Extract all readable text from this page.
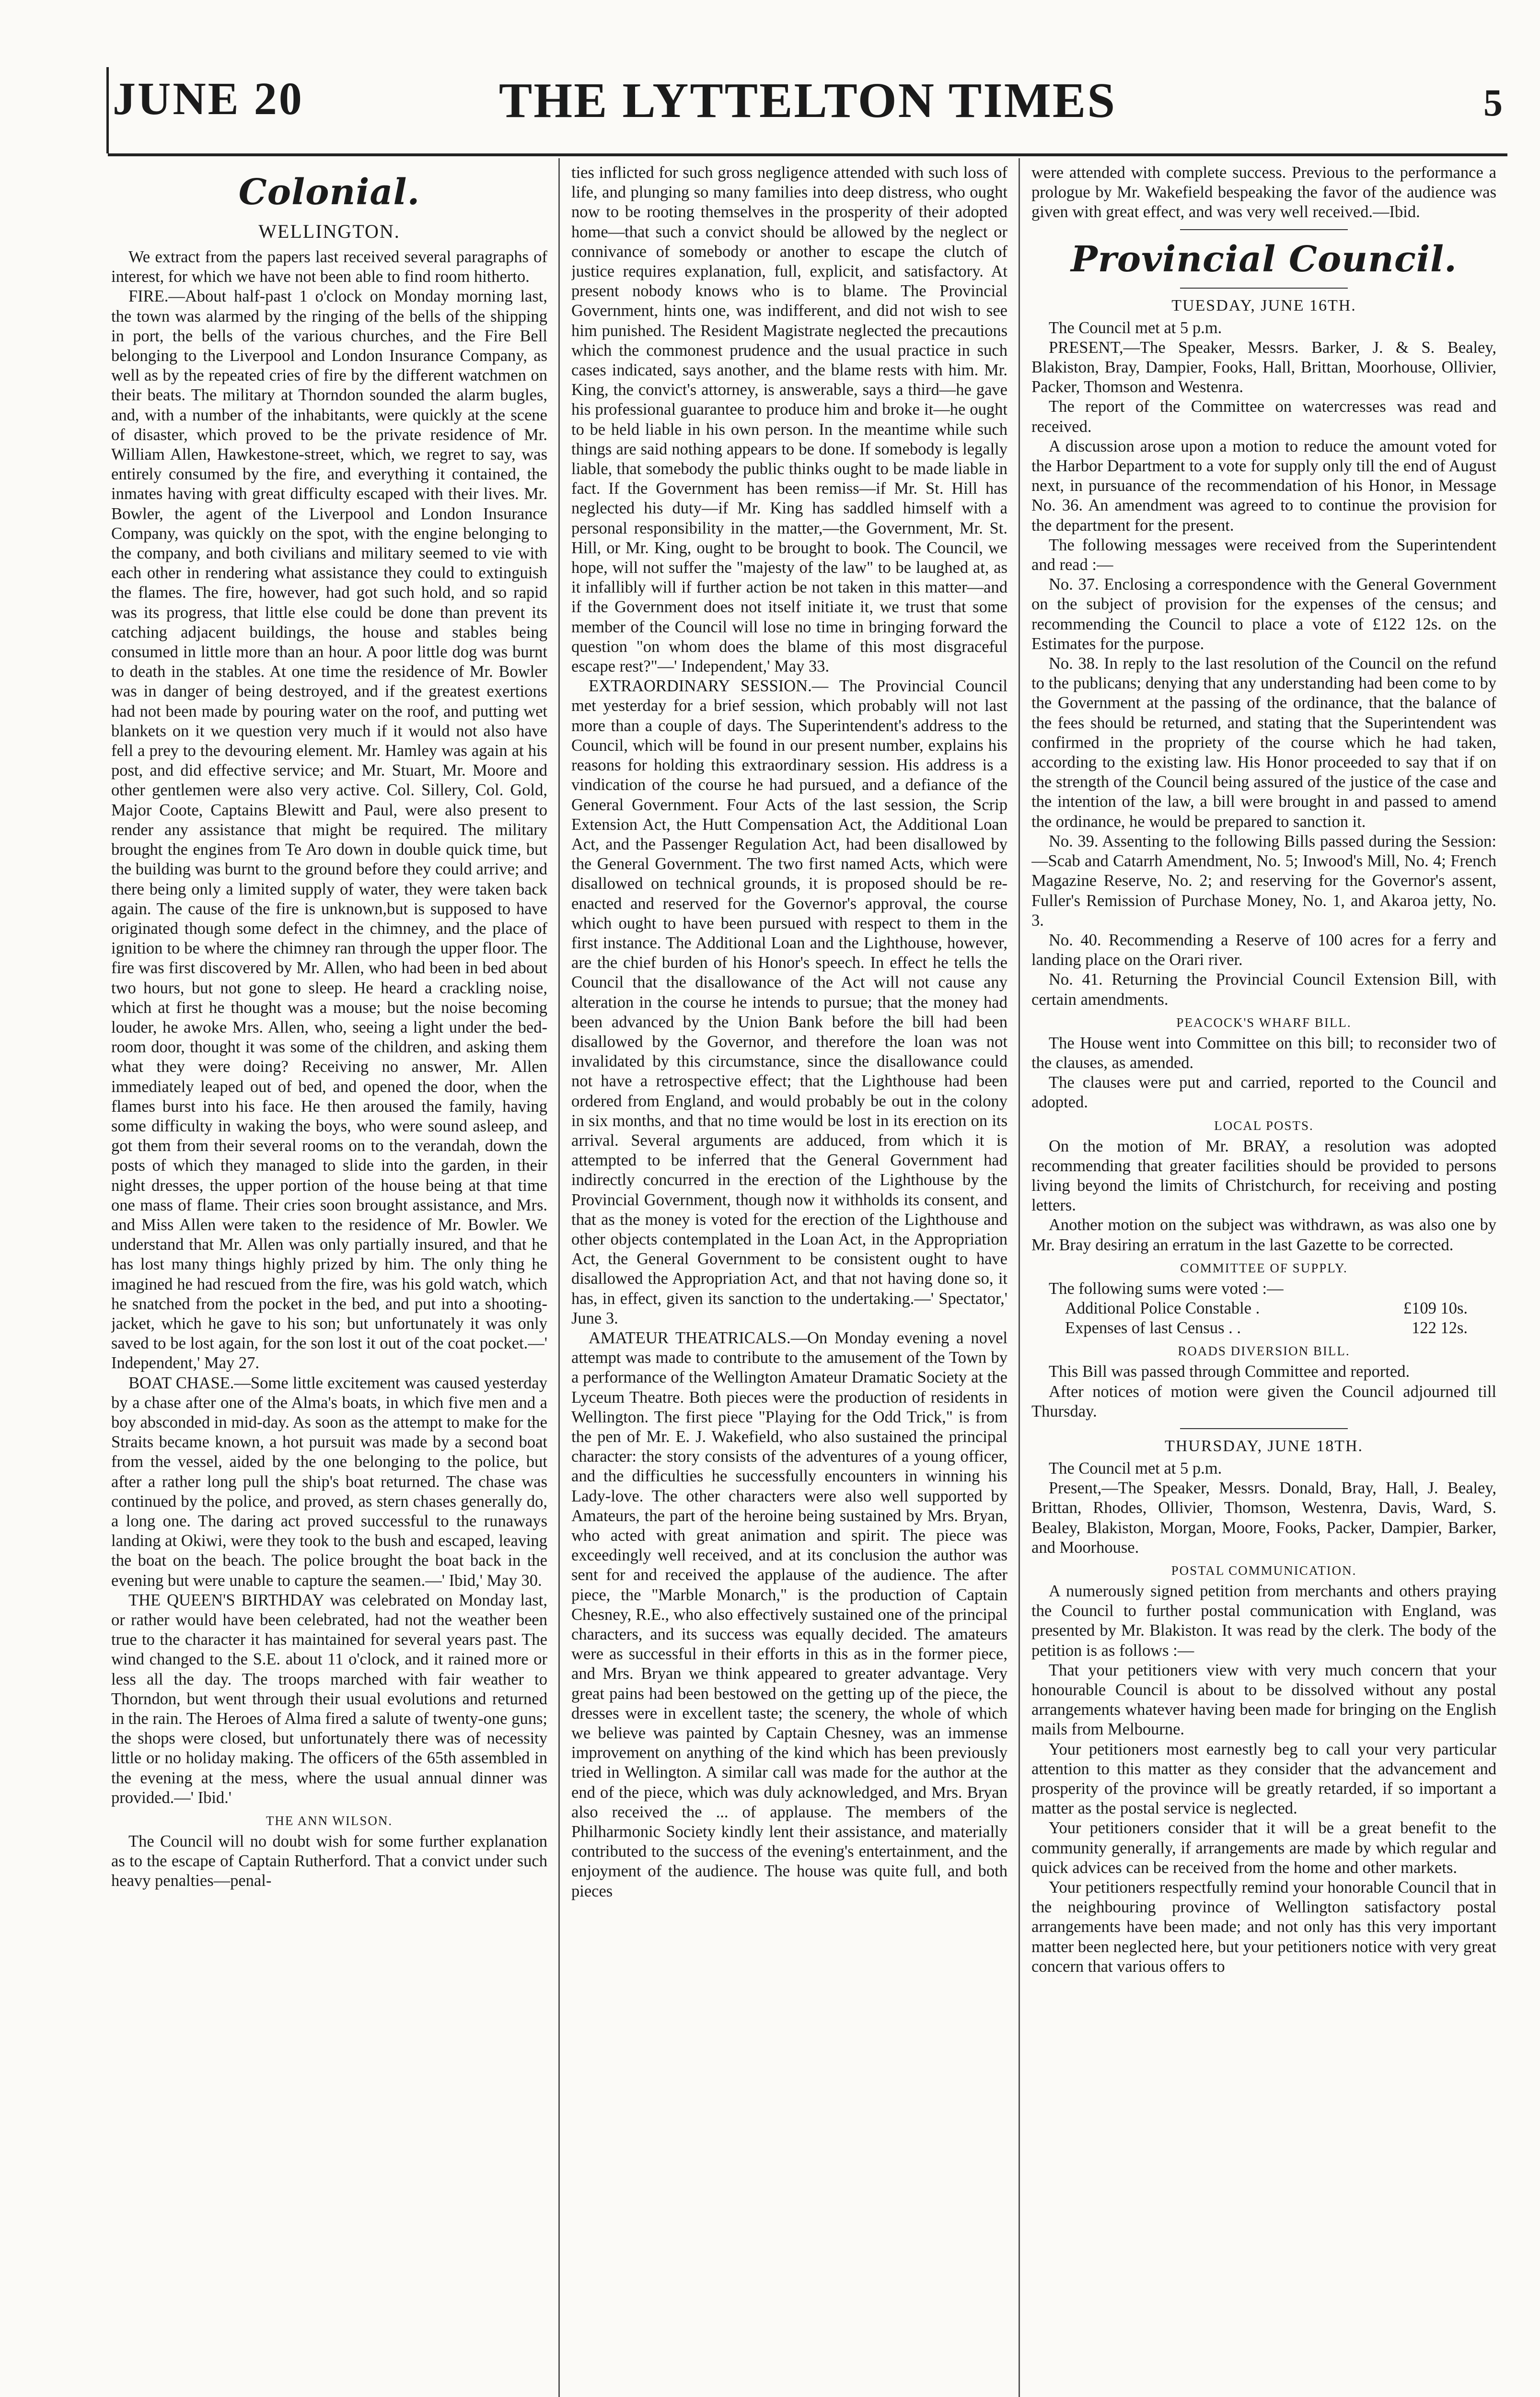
JUNE 20	THE LYTTELTON TIMES	5
Colonial.
WELLINGTON.

We extract from the papers last received several paragraphs of interest, for which we have not been able to find room hitherto.

FIRE.—About half-past 1 o'clock on Monday morning last, the town was alarmed by the ringing of the bells of the shipping in port, the bells of the various churches, and the Fire Bell belonging to the Liverpool and London Insurance Company, as well as by the repeated cries of fire by the different watchmen on their beats. The military at Thorndon sounded the alarm bugles, and, with a number of the inhabitants, were quickly at the scene of disaster, which proved to be the private residence of Mr. William Allen, Hawkestone-street, which, we regret to say, was entirely consumed by the fire, and everything it contained, the inmates having with great difficulty escaped with their lives. Mr. Bowler, the agent of the Liverpool and London Insurance Company, was quickly on the spot, with the engine belonging to the company, and both civilians and military seemed to vie with each other in rendering what assistance they could to extinguish the flames. The fire, however, had got such hold, and so rapid was its progress, that little else could be done than prevent its catching adjacent buildings, the house and stables being consumed in little more than an hour. A poor little dog was burnt to death in the stables. At one time the residence of Mr. Bowler was in danger of being destroyed, and if the greatest exertions had not been made by pouring water on the roof, and putting wet blankets on it we question very much if it would not also have fell a prey to the devouring element. Mr. Hamley was again at his post, and did effective service; and Mr. Stuart, Mr. Moore and other gentlemen were also very active. Col. Sillery, Col. Gold, Major Coote, Captains Blewitt and Paul, were also present to render any assistance that might be required. The military brought the engines from Te Aro down in double quick time, but the building was burnt to the ground before they could arrive; and there being only a limited supply of water, they were taken back again. The cause of the fire is unknown,but is supposed to have originated though some defect in the chimney, and the place of ignition to be where the chimney ran through the upper floor. The fire was first discovered by Mr. Allen, who had been in bed about two hours, but not gone to sleep. He heard a crackling noise, which at first he thought was a mouse; but the noise becoming louder, he awoke Mrs. Allen, who, seeing a light under the bed-room door, thought it was some of the children, and asking them what they were doing? Receiving no answer, Mr. Allen immediately leaped out of bed, and opened the door, when the flames burst into his face. He then aroused the family, having some difficulty in waking the boys, who were sound asleep, and got them from their several rooms on to the verandah, down the posts of which they managed to slide into the garden, in their night dresses, the upper portion of the house being at that time one mass of flame. Their cries soon brought assistance, and Mrs. and Miss Allen were taken to the residence of Mr. Bowler. We understand that Mr. Allen was only partially insured, and that he has lost many things highly prized by him. The only thing he imagined he had rescued from the fire, was his gold watch, which he snatched from the pocket in the bed, and put into a shooting-jacket, which he gave to his son; but unfortunately it was only saved to be lost again, for the son lost it out of the coat pocket.—' Independent,' May 27.

BOAT CHASE.—Some little excitement was caused yesterday by a chase after one of the Alma's boats, in which five men and a boy absconded in mid-day. As soon as the attempt to make for the Straits became known, a hot pursuit was made by a second boat from the vessel, aided by the one belonging to the police, but after a rather long pull the ship's boat returned. The chase was continued by the police, and proved, as stern chases generally do, a long one. The daring act proved successful to the runaways landing at Okiwi, were they took to the bush and escaped, leaving the boat on the beach. The police brought the boat back in the evening but were unable to capture the seamen.—' Ibid,' May 30.

THE QUEEN'S BIRTHDAY was celebrated on Monday last, or rather would have been celebrated, had not the weather been true to the character it has maintained for several years past. The wind changed to the S.E. about 11 o'clock, and it rained more or less all the day. The troops marched with fair weather to Thorndon, but went through their usual evolutions and returned in the rain. The Heroes of Alma fired a salute of twenty-one guns; the shops were closed, but unfortunately there was of necessity little or no holiday making. The officers of the 65th assembled in the evening at the mess, where the usual annual dinner was provided.—' Ibid.'

THE ANN WILSON.

The Council will no doubt wish for some further explanation as to the escape of Captain Rutherford. That a convict under such heavy penalties—penal-

ties inflicted for such gross negligence attended with such loss of life, and plunging so many families into deep distress, who ought now to be rooting themselves in the prosperity of their adopted home—that such a convict should be allowed by the neglect or connivance of somebody or another to escape the clutch of justice requires explanation, full, explicit, and satisfactory. At present nobody knows who is to blame. The Provincial Government, hints one, was indifferent, and did not wish to see him punished. The Resident Magistrate neglected the precautions which the commonest prudence and the usual practice in such cases indicated, says another, and the blame rests with him. Mr. King, the convict's attorney, is answerable, says a third—he gave his professional guarantee to produce him and broke it—he ought to be held liable in his own person. In the meantime while such things are said nothing appears to be done. If somebody is legally liable, that somebody the public thinks ought to be made liable in fact. If the Government has been remiss—if Mr. St. Hill has neglected his duty—if Mr. King has saddled himself with a personal responsibility in the matter,—the Government, Mr. St. Hill, or Mr. King, ought to be brought to book. The Council, we hope, will not suffer the "majesty of the law" to be laughed at, as it infallibly will if further action be not taken in this matter—and if the Government does not itself initiate it, we trust that some member of the Council will lose no time in bringing forward the question "on whom does the blame of this most disgraceful escape rest?"—' Independent,' May 33.

EXTRAORDINARY SESSION.— The Provincial Council met yesterday for a brief session, which probably will not last more than a couple of days. The Superintendent's address to the Council, which will be found in our present number, explains his reasons for holding this extraordinary session. His address is a vindication of the course he had pursued, and a defiance of the General Government. Four Acts of the last session, the Scrip Extension Act, the Hutt Compensation Act, the Additional Loan Act, and the Passenger Regulation Act, had been disallowed by the General Government. The two first named Acts, which were disallowed on technical grounds, it is proposed should be re-enacted and reserved for the Governor's approval, the course which ought to have been pursued with respect to them in the first instance. The Additional Loan and the Lighthouse, however, are the chief burden of his Honor's speech. In effect he tells the Council that the disallowance of the Act will not cause any alteration in the course he intends to pursue; that the money had been advanced by the Union Bank before the bill had been disallowed by the Governor, and therefore the loan was not invalidated by this circumstance, since the disallowance could not have a retrospective effect; that the Lighthouse had been ordered from England, and would probably be out in the colony in six months, and that no time would be lost in its erection on its arrival. Several arguments are adduced, from which it is attempted to be inferred that the General Government had indirectly concurred in the erection of the Lighthouse by the Provincial Government, though now it withholds its consent, and that as the money is voted for the erection of the Lighthouse and other objects contemplated in the Loan Act, in the Appropriation Act, the General Government to be consistent ought to have disallowed the Appropriation Act, and that not having done so, it has, in effect, given its sanction to the undertaking.—' Spectator,' June 3.

AMATEUR THEATRICALS.—On Monday evening a novel attempt was made to contribute to the amusement of the Town by a performance of the Wellington Amateur Dramatic Society at the Lyceum Theatre. Both pieces were the production of residents in Wellington. The first piece "Playing for the Odd Trick," is from the pen of Mr. E. J. Wakefield, who also sustained the principal character: the story consists of the adventures of a young officer, and the difficulties he successfully encounters in winning his Lady-love. The other characters were also well supported by Amateurs, the part of the heroine being sustained by Mrs. Bryan, who acted with great animation and spirit. The piece was exceedingly well received, and at its conclusion the author was sent for and received the applause of the audience. The after piece, the "Marble Monarch," is the production of Captain Chesney, R.E., who also effectively sustained one of the principal characters, and its success was equally decided. The amateurs were as successful in their efforts in this as in the former piece, and Mrs. Bryan we think appeared to greater advantage. Very great pains had been bestowed on the getting up of the piece, the dresses were in excellent taste; the scenery, the whole of which we believe was painted by Captain Chesney, was an immense improvement on anything of the kind which has been previously tried in Wellington. A similar call was made for the author at the end of the piece, which was duly acknowledged, and Mrs. Bryan also received the ... of applause. The members of the Philharmonic Society kindly lent their assistance, and materially contributed to the success of the evening's entertainment, and the enjoyment of the audience. The house was quite full, and both pieces

were attended with complete success. Previous to the performance a prologue by Mr. Wakefield bespeaking the favor of the audience was given with great effect, and was very well received.—Ibid.

Provincial Council.
TUESDAY, JUNE 16TH.

The Council met at 5 p.m.

PRESENT,—The Speaker, Messrs. Barker, J. & S. Bealey, Blakiston, Bray, Dampier, Fooks, Hall, Brittan, Moorhouse, Ollivier, Packer, Thomson and Westenra.

The report of the Committee on watercresses was read and received.

A discussion arose upon a motion to reduce the amount voted for the Harbor Department to a vote for supply only till the end of August next, in pursuance of the recommendation of his Honor, in Message No. 36. An amendment was agreed to to continue the provision for the department for the present.

The following messages were received from the Superintendent and read :—

No. 37. Enclosing a correspondence with the General Government on the subject of provision for the expenses of the census; and recommending the Council to place a vote of £122 12s. on the Estimates for the purpose.

No. 38. In reply to the last resolution of the Council on the refund to the publicans; denying that any understanding had been come to by the Government at the passing of the ordinance, that the balance of the fees should be returned, and stating that the Superintendent was confirmed in the propriety of the course which he had taken, according to the existing law. His Honor proceeded to say that if on the strength of the Council being assured of the justice of the case and the intention of the law, a bill were brought in and passed to amend the ordinance, he would be prepared to sanction it.

No. 39. Assenting to the following Bills passed during the Session:—Scab and Catarrh Amendment, No. 5; Inwood's Mill, No. 4; French Magazine Reserve, No. 2; and reserving for the Governor's assent, Fuller's Remission of Purchase Money, No. 1, and Akaroa jetty, No. 3.

No. 40. Recommending a Reserve of 100 acres for a ferry and landing place on the Orari river.

No. 41. Returning the Provincial Council Extension Bill, with certain amendments.

PEACOCK'S WHARF BILL.

The House went into Committee on this bill; to reconsider two of the clauses, as amended.

The clauses were put and carried, reported to the Council and adopted.

LOCAL POSTS.

On the motion of Mr. BRAY, a resolution was adopted recommending that greater facilities should be provided to persons living beyond the limits of Christchurch, for receiving and posting letters.

Another motion on the subject was withdrawn, as was also one by Mr. Bray desiring an erratum in the last Gazette to be corrected.

COMMITTEE OF SUPPLY.

The following sums were voted :—

Additional Police Constable .	£109 10s.
Expenses of last Census . .	122 12s.
ROADS DIVERSION BILL.

This Bill was passed through Committee and reported.

After notices of motion were given the Council adjourned till Thursday.

THURSDAY, JUNE 18TH.

The Council met at 5 p.m.

Present,—The Speaker, Messrs. Donald, Bray, Hall, J. Bealey, Brittan, Rhodes, Ollivier, Thomson, Westenra, Davis, Ward, S. Bealey, Blakiston, Morgan, Moore, Fooks, Packer, Dampier, Barker, and Moorhouse.

POSTAL COMMUNICATION.

A numerously signed petition from merchants and others praying the Council to further postal communication with England, was presented by Mr. Blakiston. It was read by the clerk. The body of the petition is as follows :—

That your petitioners view with very much concern that your honourable Council is about to be dissolved without any postal arrangements whatever having been made for bringing on the English mails from Melbourne.

Your petitioners most earnestly beg to call your very particular attention to this matter as they consider that the advancement and prosperity of the province will be greatly retarded, if so important a matter as the postal service is neglected.

Your petitioners consider that it will be a great benefit to the community generally, if arrangements are made by which regular and quick advices can be received from the home and other markets.

Your petitioners respectfully remind your honorable Council that in the neighbouring province of Wellington satisfactory postal arrangements have been made; and not only has this very important matter been neglected here, but your petitioners notice with very great concern that various offers to
